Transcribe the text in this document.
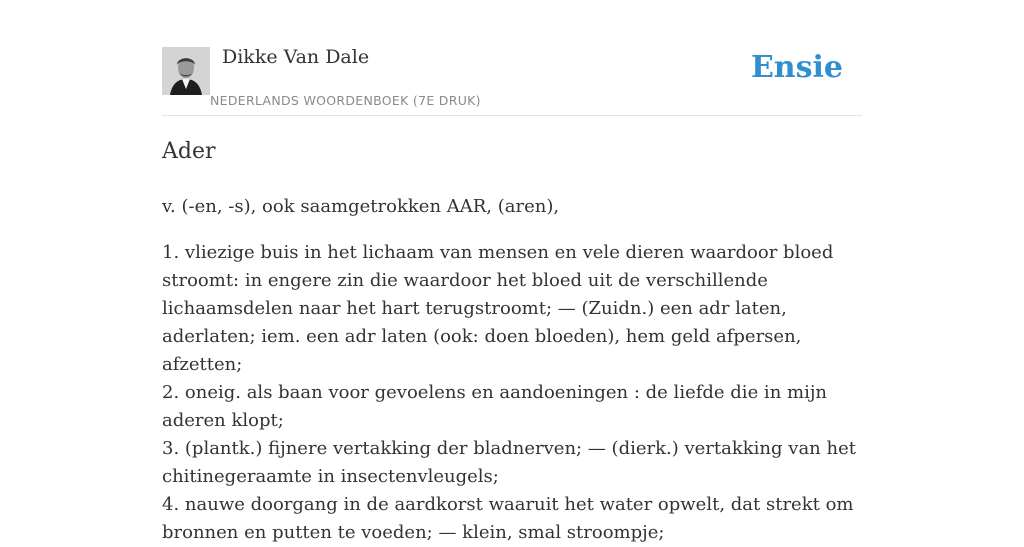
Dikke Van Dale
NEDERLANDS WOORDENBOEK (7E DRUK)
Ensie
Ader

v. (-en, -s), ook saamgetrokken AAR, (aren),

1. vliezige buis in het lichaam van mensen en vele dieren waardoor bloed stroomt: in engere zin die waardoor het bloed uit de verschillende lichaamsdelen naar het hart terugstroomt; — (Zuidn.) een adr laten, aderlaten; iem. een adr laten (ook: doen bloeden), hem geld afpersen, afzetten;
2. oneig. als baan voor gevoelens en aandoeningen : de liefde die in mijn aderen klopt;
3. (plantk.) fijnere vertakking der bladnerven; — (dierk.) vertakking van het chitinegeraamte in insectenvleugels;
4. nauwe doorgang in de aardkorst waaruit het water opwelt, dat strekt om bronnen en putten te voeden; — klein, smal stroompje;
